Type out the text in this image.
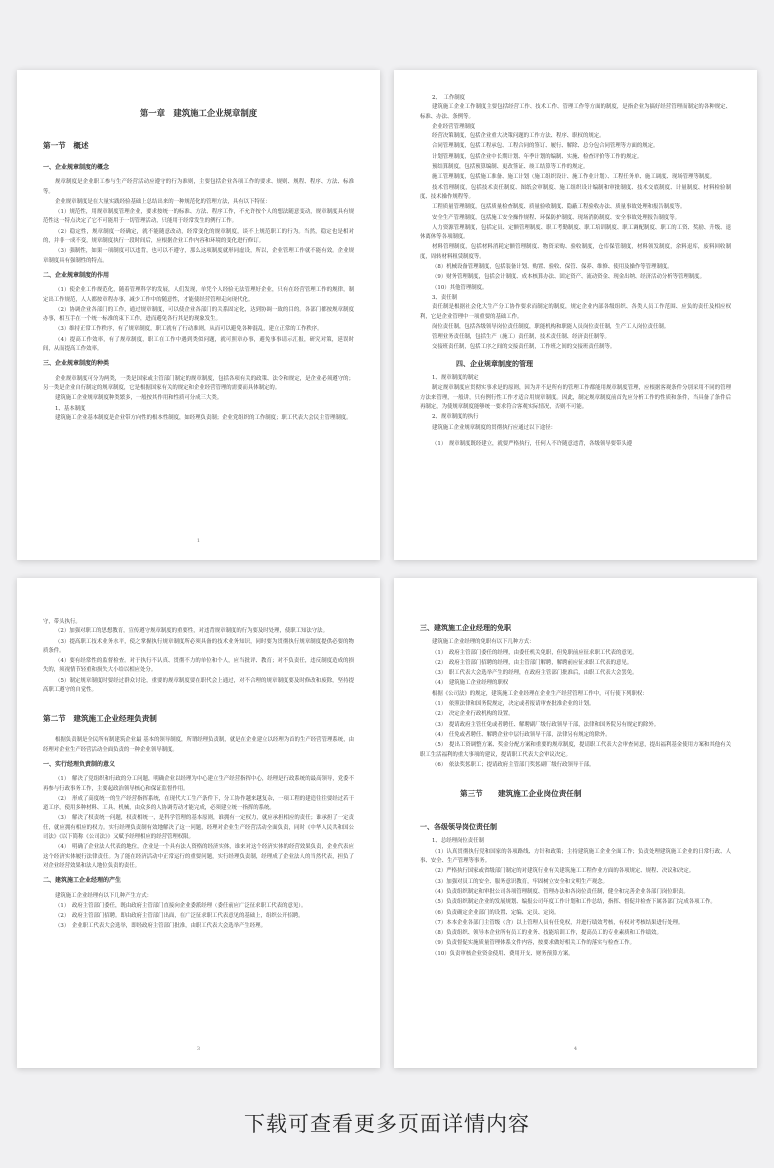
第一章　建筑施工企业规章制度
第一节　概述
一、企业规章制度的概念

规章制度是企业职工参与生产经营活动应遵守的行为准则，主要包括企业各项工作的要求、规则、规程、程序、方法、标准等。

企业规章制度是在大量实践经验基础上总结出来的一种规范化的管理方法，具有以下特征：

（1）规范性，用规章制度管理企业，要求按统一的标准、方法、程序工作，不允许按个人的想法随意变动，规章制度具有规范性这一特点决定了它不可能用于一切管理活动，只能用于经常发生的例行工作。

（2）稳定性，规章制度一经确定，就不能随意改动，经常变化的规章制度，谈不上规范职工的行为。当然，稳定也是相对的，并非一成不变，规章制度执行一段时间后，应根据企业工作内容和环境的变化进行修订。

（3）强制性，如果一项制度可以违背，也可以不遵守，那么这项制度就形同虚设，所以，企业管理工作就不能有效。企业规章制度具有强制性的特点。

二、企业规章制度的作用

（1）使企业工作规范化，随着管理科学的发展，人们发现，单凭个人经验无法管理好企业，只有在经营管理工作的规律，制定出工作规范，人人都按章程办事，减少工作中的随意性，才能使经营管理走向现代化。

（2）协调企业各部门的工作，通过规章制度，可以使企业各部门的关系固定化，达到协调一致的目的。各部门都按规章制度办事，相互手在一个统一标准的束下工作，进而避免各行其是的现象发生。

（3）维持正常工作秩序，有了规章制度，职工就有了行动准则，从而可以避免各种混乱，建立正常的工作秩序。

（4）提高工作效率，有了规章制度，职工在工作中遇到类似问题，就可照章办事，避免事事请示汇报，研究对策，延误时间，从而提高工作效率。

三、企业规章制度的种类

企业规章制度可分为两类，一类是国家或主管部门制定的规章制度，包括各项有关的政策、法令和规定，是企业必须遵守的；另一类是企业自行制定的规章制度，它是根据国家有关的规定和企业经营管理的需要而具体制定的。

建筑施工企业规章制度种类繁多，一般按其作用和性质可分成三大类。

1、基本制度

建筑施工企业基本制度是企业带方向性的根本性制度，如经理负责制；企业党组织的工作制度；职工代表大会民主管理制度。

1

2、　工作制度

建筑施工企业工作制度主要包括经营工作、技术工作、管理工作等方面的制度，是指企业为搞好经营管理而制定的各种规定、标准、办法、条例等。

企业经营管理制度

经营决策制度，包括企业重大决策问题的工作方法、程序、职权的规定。

合同管理制度，包括工程承包、工程合同的签订、履行、解除、总分包合同管理等方面的规定。

计划管理制度，包括企业中长期计划、年季计划的编制、实施、检查评价等工作的规定。

预结算制度，包括预算编制、更改签证、竣工结算等工作的规定。

施工管理制度，包括施工准备、施工计划（施工组织设计、施工作业计划）、工程任务单、施工调度、现场管理等制度。

技术管理制度，包括技术责任制度、图纸会审制度、施工组织设计编制和审批制度、技术交底制度、计量制度、材料检验制度、技术操作规程等。

工程质量管理制度，包括质量检查制度、质量验收制度、隐蔽工程验收办法、质量事故处理和报告制度等。

安全生产管理制度，包括施工安全操作规程、环保防护制度、现场消防制度、安全事故处理报告制度等。

人力资源管理制度，包括定员、定额管理制度、职工考勤制度、职工培训制度、职工调配制度、职工的工资、奖励、升级、退休离休等各项制度。

材料管理制度，包括材料消耗定额管理制度、物资采购、验收制度，仓库保管制度，材料领发制度，余料退库，废料回收制度，周转材料租赁制度等。

（8）机械设备管理制度，包括装备计划、购置、验收、保管、保养、维修、使用及操作等管理制度。

（9）财务管理制度，包括会计制度、成本核算办法、固定资产、流动资金、现金出纳、经济活动分析等管理制度。

（10）其他管理制度。

3、责任制

责任制是根据社会化大生产分工协作要求而制定的制度，规定企业内部各级组织、各类人员工作范围、应负的责任及相应权利，它是企业管理中一项重要的基础工作。

岗位责任制，包括各级领导岗位责任制度，职能机构和职能人员岗位责任制，生产工人岗位责任制。

管理业务责任制，包括生产（施工）责任制，技术责任制、经济责任制等。

交接班责任制，包括工序之间的交接责任制，工作班之间的交接班责任制等。

四、企业规章制度的管理

1、规章制度的制定

制定规章制度应贯彻实事求是的原则，因为并不是所有的管理工作都能用规章制度管理，应根据客观条件分别采用不同的管理方法来管理，一般讲，只有例行性工作才适合用规章制度。因此，制定规章制度前首先应分析工作的性质和条件，当具备了条件后再制定，为使规章制度能够统一要求符合客观实际情况，否则不可能。

2、规章制度的执行

建筑施工企业规章制度的贯彻执行应通过以下途径：

（1）　规章制度既经建立，就要严格执行，任何人不许随意违背，各级领导要带头遵

守，带头执行。

（2）加强对职工的思想教育，宣传遵守规章制度的重要性，对违背规章制度的行为要及时处理，使职工知法守法。

（3）提高职工技术业务水平，使之掌握执行规章制度所必须具备的技术业务知识，同时要为贯彻执行规章制度提供必要的物质条件。

（4）要有经常性的监督检查。对于执行不认真、贯彻不力的单位和个人，应当批评、教育；对不负责任，违反制度造成的损失的，须视情节轻重和损失大小给以相应处分。

（5）制定规章制度时要经过群众讨论，重要的规章制度要在职代会上通过，对不合理的规章制度要及时修改和废除，坚持提高职工遵守的自觉性。

第二节　建筑施工企业经理负责制

根据负责制是全民所有制建筑企业最 基本的领导制度，所谓经理负责制，就是在企业建立以经理为首的生产经营管理系统，由经理对企业生产经营活动全面负责的一种企业领导制度。

一、实行经理负责制的意义

（1）　解决了党组织和行政的分工问题，明确企业以经理为中心建立生产经营指挥中心，经理是行政系统的最高领导，党委不再参与行政事务工作，主要起政治领导核心和保证监督作用。

（2）　形成了高度统一的生产经营指挥系统，在现代大工生产条件下，分工协作越来越复杂，一项工程的建造往往要经过若干道工序，使用多种材料、工具、机械，由众多的人协调劳动才能完成，必须建立统一指挥的系统。

（3）　解决了权责统一问题，权责相统一，是科学管理的基本原则，谁拥有一定权力，就应承担相应的责任；谁承担了一定责任，就应拥有相应的权力。实行经理负责制有效地解决了这一问题，经理对企业生产经营活动全面负责，同时《中华人民共和国公司法》《以下简称《公司法》》又赋予经理相应的经营管理权限。

（4）　明确了企业法人代表的地位，企业是一个具有法人资格的经济实体，谁来对这个经济实体的经营效果负责，企业代表应这个经济实体履行法律责任。为了能在经济活动中正常运行的重要问题，实行经理负责制，经理成了企业法人的当然代表，担负了对企业经营效果和法人地位负责的责任。

二、建筑施工企业经理的产生

建筑施工企业经理有以下几种产生方式：

（1）　政府主管部门委任，既由政府主管部门直接向企业委派经理（委任前应广泛征求职工代表的意见）。

（2）　政府主管部门招聘。即由政府主管部门出面，在广泛征求职工代表意见的基础上，组织公开招聘。

（3）　企业职工代表大会选举，即经政府主管部门批准，由职工代表大会选举产生经理。

3
三、建筑施工企业经理的免职

建筑施工企业经理的免职有以下几种方式：

（1）　政府主管部门委任的经理，由委任机关免职，但免职前应征求职工代表的意见。

（2）　政府主管部门招聘的经理，由主管部门解聘，解聘前应征求职工代表的意见。

（3）　职工代表大会选举产生的经理，在政府主管部门批准后，由职工代表大会罢免。

（4）　建筑施工企业经理的职权

根据《公司法》的规定，建筑施工企业经理在企业生产经营管理工作中，可行使下列职权：

（1）　依照法律和国务院规定，决定或者报请审查批准企业的计划。

（2）　决定企业行政机构的设置。

（3）　提请政府主管任免或者聘任、解聘副厂级行政领导干部，法律和国务院另有规定的除外。

（4）　任免或者聘任、解聘企业中层行政领导干部，法律另有规定的除外。

（5）　提出工资调整方案、奖金分配方案和重要的规章制度，提请职工代表大会审查同意，提出福利基金使用方案和其他有关职工生活福利的重大事项的建议，提请职工代表大会审议决定。

（6）　依法奖惩职工；提请政府主管部门奖惩副厂级行政领导干部。

第三节　　建筑施工企业岗位责任制
一、各级领导岗位责任制

1、总经理岗位责任制

（1）认真贯彻执行党和国家的各项路线、方针和政策；主持建筑施工企业全面工作；负责处理建筑施工企业的日常行政、人事、安全、生产管理等事务。

（2）严格执行国家或省级部门制定的对建筑行业有关建筑施工工程作业方面的各项规定、规程、决议和决定。

（3）加强对员工的安全、服务意识教育，牢固树立安全和文明生产观念。

（4）负责组织制定和审批公司各项管理制度、管理办法和各岗位责任制，健全和完善企业各部门岗位职责。

（5）负责组织制定企业的发展规划、编报公司年度工作计划和工作总结，指挥、督促并检查下属各部门完成各项工作。

（6）负责确定企业部门的设置、定编、定员、定岗。

（7）本本企业各部门主管级（含）以上管理人员有任免权，并进行绩效考核，有权对考核结果进行处理。

（8）负责组织、领导本企业所有员工的业务、技能培训工作，提高员工的专业素质和工作绩效。

（9）负责督促实施质量管理体系文件内容，按要求做好相关工作的落实与检查工作。

（10）负责审核企业资金使用、费用开支、财务预算方案。

4
下载可查看更多页面详情内容
